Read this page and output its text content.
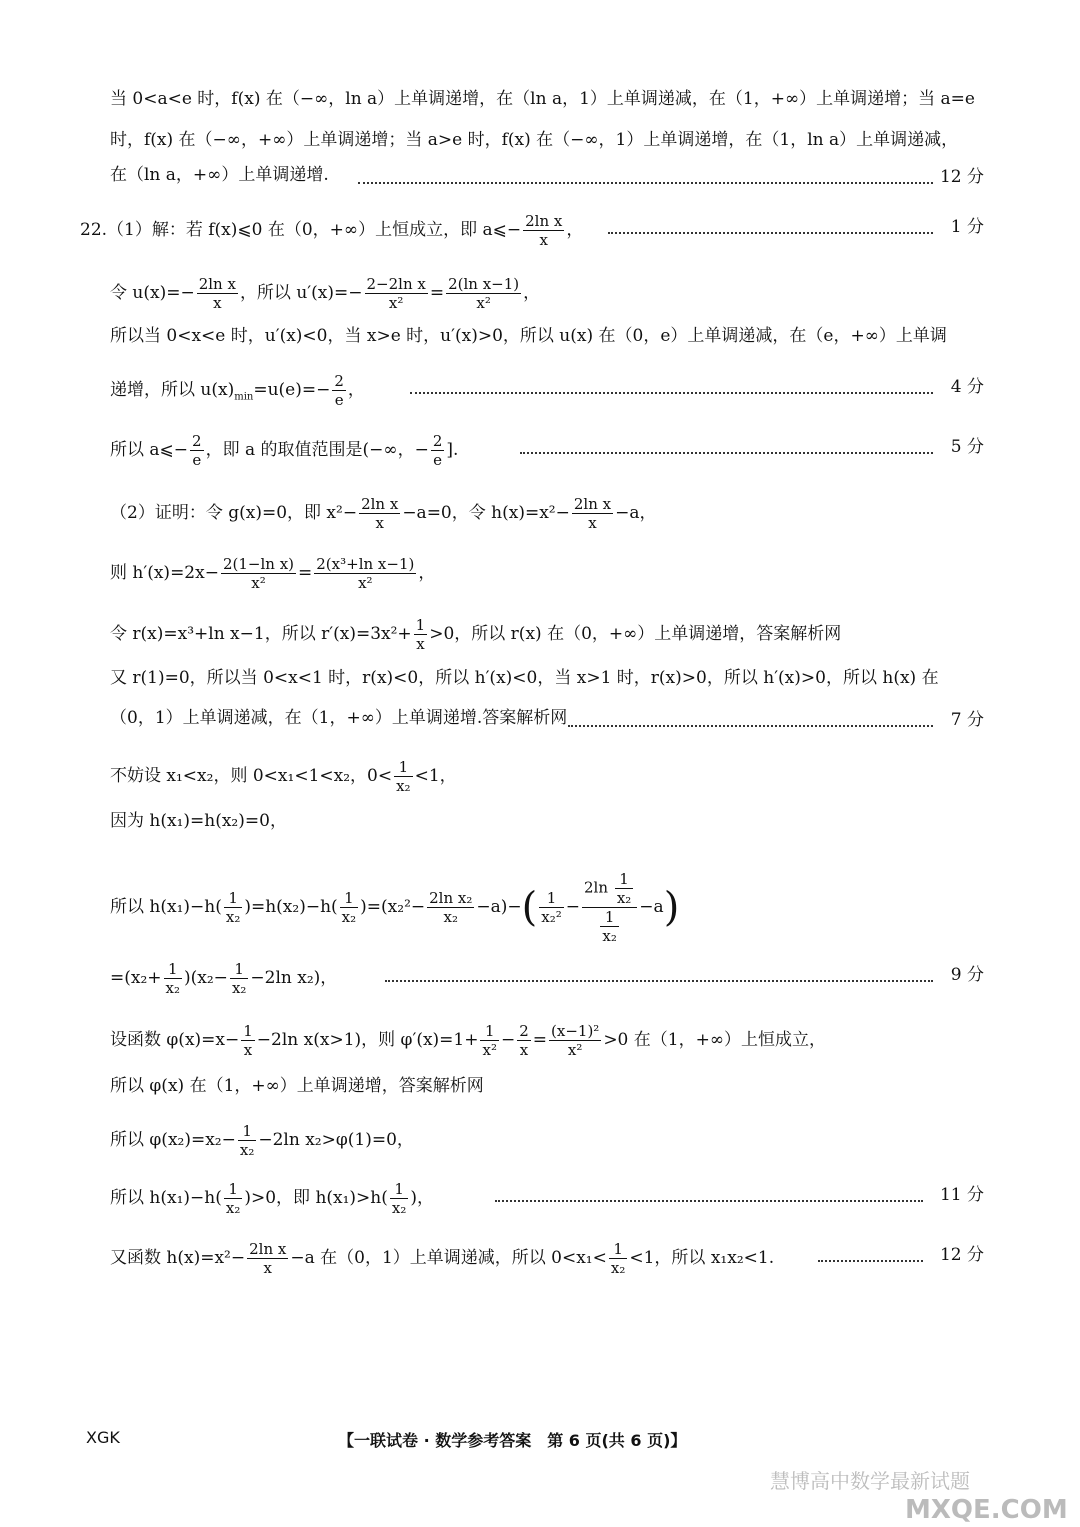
当 0<a<e 时，f(x) 在（−∞，ln a）上单调递增，在（ln a，1）上单调递减，在（1，+∞）上单调递增；当 a=e
时，f(x) 在（−∞，+∞）上单调递增；当 a>e 时，f(x) 在（−∞，1）上单调递增，在（1，ln a）上单调递减，
在（ln a，+∞）上单调递增.	12 分
22.（1）解：若 f(x)⩽0 在（0，+∞）上恒成立，即 a⩽− $\frac{\text{2ln x}}{x}$ ，	1 分
令 $u(x)=- \frac{\text{2ln x}}{x}$ ，所以 $u'(x)=- \frac{\text{2−2ln x}}{\text{x²}} = \frac{\text{2(ln x−1)}}{\text{x²}}$ ，
所以当 0<x<e 时，u′(x)<0，当 x>e 时，u′(x)>0，所以 u(x) 在（0，e）上单调递减，在（e，+∞）上单调
递增，所以 $u(x)_{min}=u(e)=- \frac{2}{e}$ ，	4 分
所以 a⩽− $\frac{2}{e}$ ，即 a 的取值范围是(−∞，− $\frac{2}{e}$ ].	5 分
（2）证明：令 g(x)=0，即 $x^2- \frac{\text{2ln x}}{x} -a=0$，令 $h(x)=x^2- \frac{\text{2ln x}}{x} -a$，
则 $h'(x)=2x- \frac{\text{2(1−ln x)}}{\text{x²}} = \frac{\text{2(x³+ln x−1)}}{\text{x²}}$ ，
令 r(x)=x³+ln x−1，所以 $r'(x)=3x^2+ \frac{1}{x} >0$，所以 r(x) 在（0，+∞）上单调递增，答案解析网
又 r(1)=0，所以当 0<x<1 时，r(x)<0，所以 h′(x)<0，当 x>1 时，r(x)>0，所以 h′(x)>0，所以 h(x) 在
（0，1）上单调递减，在（1，+∞）上单调递增.答案解析网	7 分
不妨设 x₁<x₂，则 0<x₁<1<x₂，$0< \frac{1}{\text{x₂}} <1$，
因为 h(x₁)=h(x₂)=0，
所以 $h(x_1)-h( \frac{1}{\text{x₂}} )=h(x_2)-h( \frac{1}{\text{x₂}} )=(x_2^2- \frac{\text{2ln x₂}}{\text{x₂}} -a)-( \frac{1}{\text{x₂²}} - \frac{2\ln \frac{1}{\text{x₂}}}{\frac{1}{\text{x₂}}} -a)$
$=(x_2+ \frac{1}{\text{x₂}} )(x_2- \frac{1}{\text{x₂}} -2\ln$ x₂)，	9 分
设函数 $\varphi(x)=x- \frac{1}{x} -2\ln$ x(x>1)，则 $\varphi'(x)=1+ \frac{1}{\text{x²}} - \frac{2}{x} = \frac{\text{(x−1)²}}{\text{x²}} >0$ 在（1，+∞）上恒成立，
所以 φ(x) 在（1，+∞）上单调递增，答案解析网
所以 $\varphi(x_2)=x_2- \frac{1}{\text{x₂}} -2\ln$ x₂>φ(1)=0，
所以 $h(x_1)-h( \frac{1}{\text{x₂}} )>0$，即 $h(x_1)>h( \frac{1}{\text{x₂}}$ )，	11 分
又函数 $h(x)=x^2- \frac{\text{2ln x}}{x} -a$ 在（0，1）上单调递减，所以 $0<x_1< \frac{1}{\text{x₂}} <1$，所以 x₁x₂<1.	12 分
XGK	【一联试卷 · 数学参考答案　第 6 页(共 6 页)】
慧博高中数学最新试题
MXQE.COM
